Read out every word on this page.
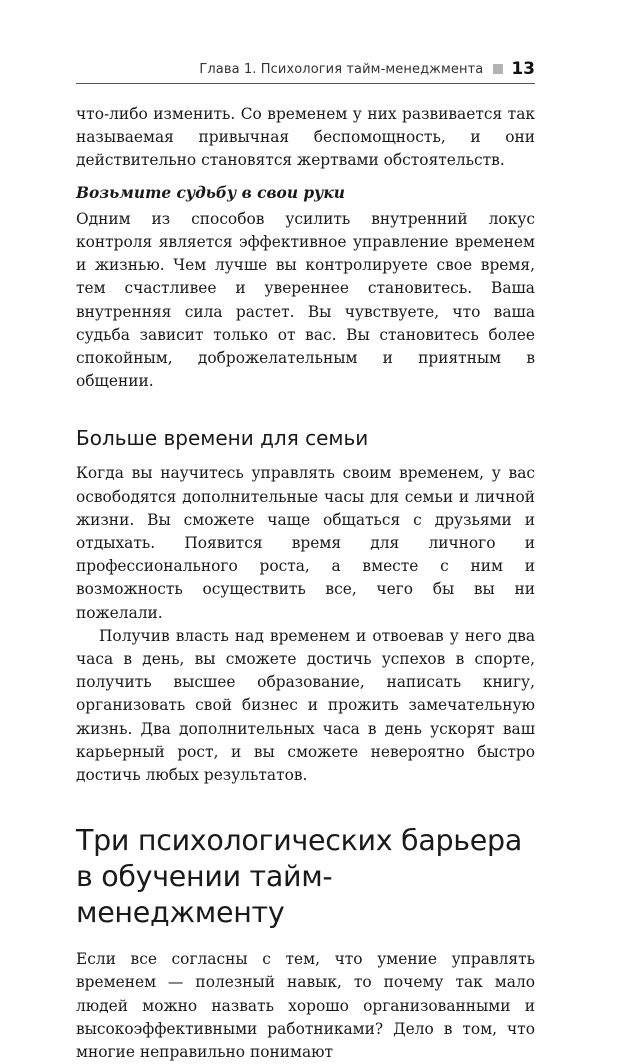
Глава 1. Психология тайм-менеджмента 13

что-либо изменить. Со временем у них развивается так называемая привычная беспомощность, и они действительно становятся жертвами обстоятельств.

Возьмите судьбу в свои руки

Одним из способов усилить внутренний локус контроля является эффективное управление временем и жизнью. Чем лучше вы контролируете свое время, тем счастливее и увереннее становитесь. Ваша внутренняя сила растет. Вы чувствуете, что ваша судьба зависит только от вас. Вы становитесь более спокойным, доброжелательным и приятным в общении.

Больше времени для семьи

Когда вы научитесь управлять своим временем, у вас освободятся дополнительные часы для семьи и личной жизни. Вы сможете чаще общаться с друзьями и отдыхать. Появится время для личного и профессионального роста, а вместе с ним и возможность осуществить все, чего бы вы ни пожелали.

Получив власть над временем и отвоевав у него два часа в день, вы сможете достичь успехов в спорте, получить высшее образование, написать книгу, организовать свой бизнес и прожить замечательную жизнь. Два дополнительных часа в день ускорят ваш карьерный рост, и вы сможете невероятно быстро достичь любых результатов.

Три психологических барьера в обучении тайм-менеджменту

Если все согласны с тем, что умение управлять временем — полезный навык, то почему так мало людей можно назвать хорошо организованными и высокоэффективными работниками? Дело в том, что многие неправильно понимают
